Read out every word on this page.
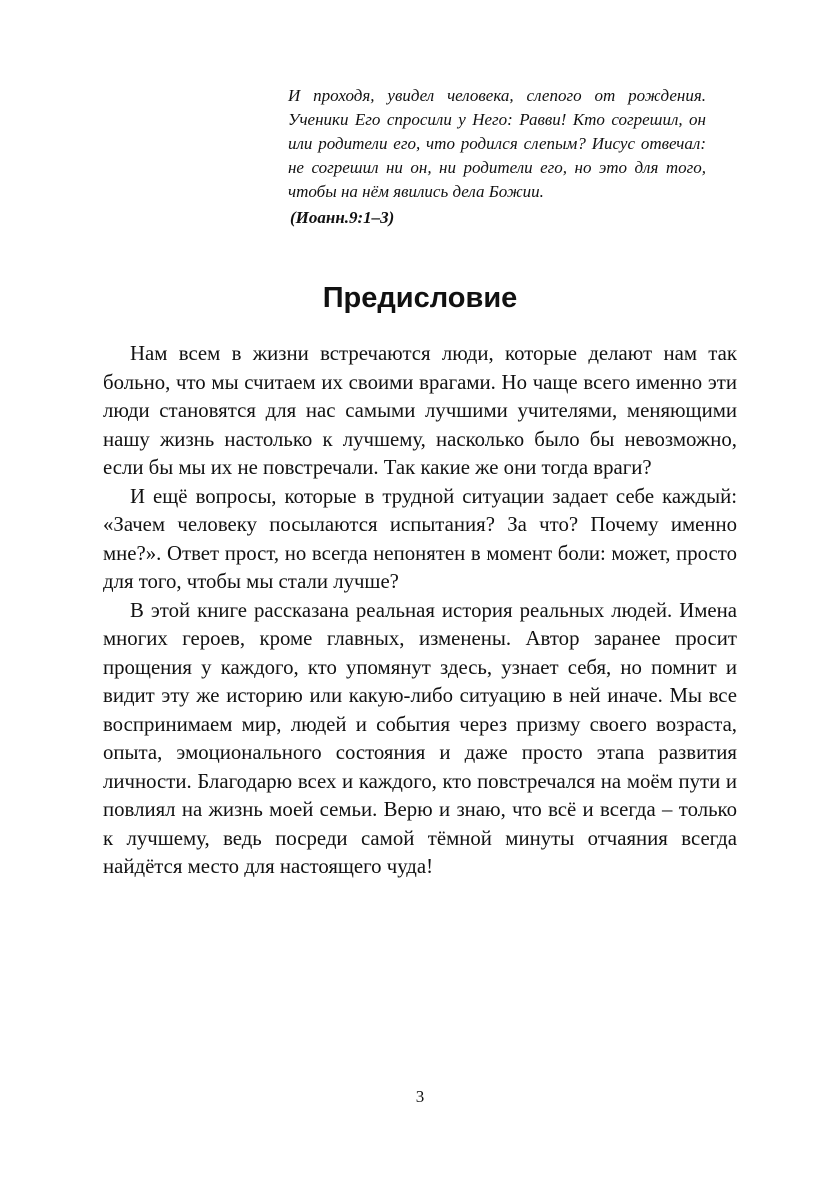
И проходя, увидел человека, слепого от рождения. Ученики Его спросили у Него: Равви! Кто согрешил, он или родители его, что родился слепым? Иисус отвечал: не согрешил ни он, ни родители его, но это для того, чтобы на нём явились дела Божии.

(Иоанн.9:1–3)
Предисловие

Нам всем в жизни встречаются люди, которые делают нам так больно, что мы считаем их своими врагами. Но чаще всего именно эти люди становятся для нас самыми лучшими учителями, меняющими нашу жизнь настолько к лучшему, насколько было бы невозможно, если бы мы их не повстречали. Так какие же они тогда враги?

И ещё вопросы, которые в трудной ситуации задает себе каждый: «Зачем человеку посылаются испытания? За что? Почему именно мне?». Ответ прост, но всегда непонятен в момент боли: может, просто для того, чтобы мы стали лучше?

В этой книге рассказана реальная история реальных людей. Имена многих героев, кроме главных, изменены. Автор заранее просит прощения у каждого, кто упомянут здесь, узнает себя, но помнит и видит эту же историю или какую-либо ситуацию в ней иначе. Мы все воспринимаем мир, людей и события через призму своего возраста, опыта, эмоционального состояния и даже просто этапа развития личности. Благодарю всех и каждого, кто повстречался на моём пути и повлиял на жизнь моей семьи. Верю и знаю, что всё и всегда – только к лучшему, ведь посреди самой тёмной минуты отчаяния всегда найдётся место для настоящего чуда!

3
